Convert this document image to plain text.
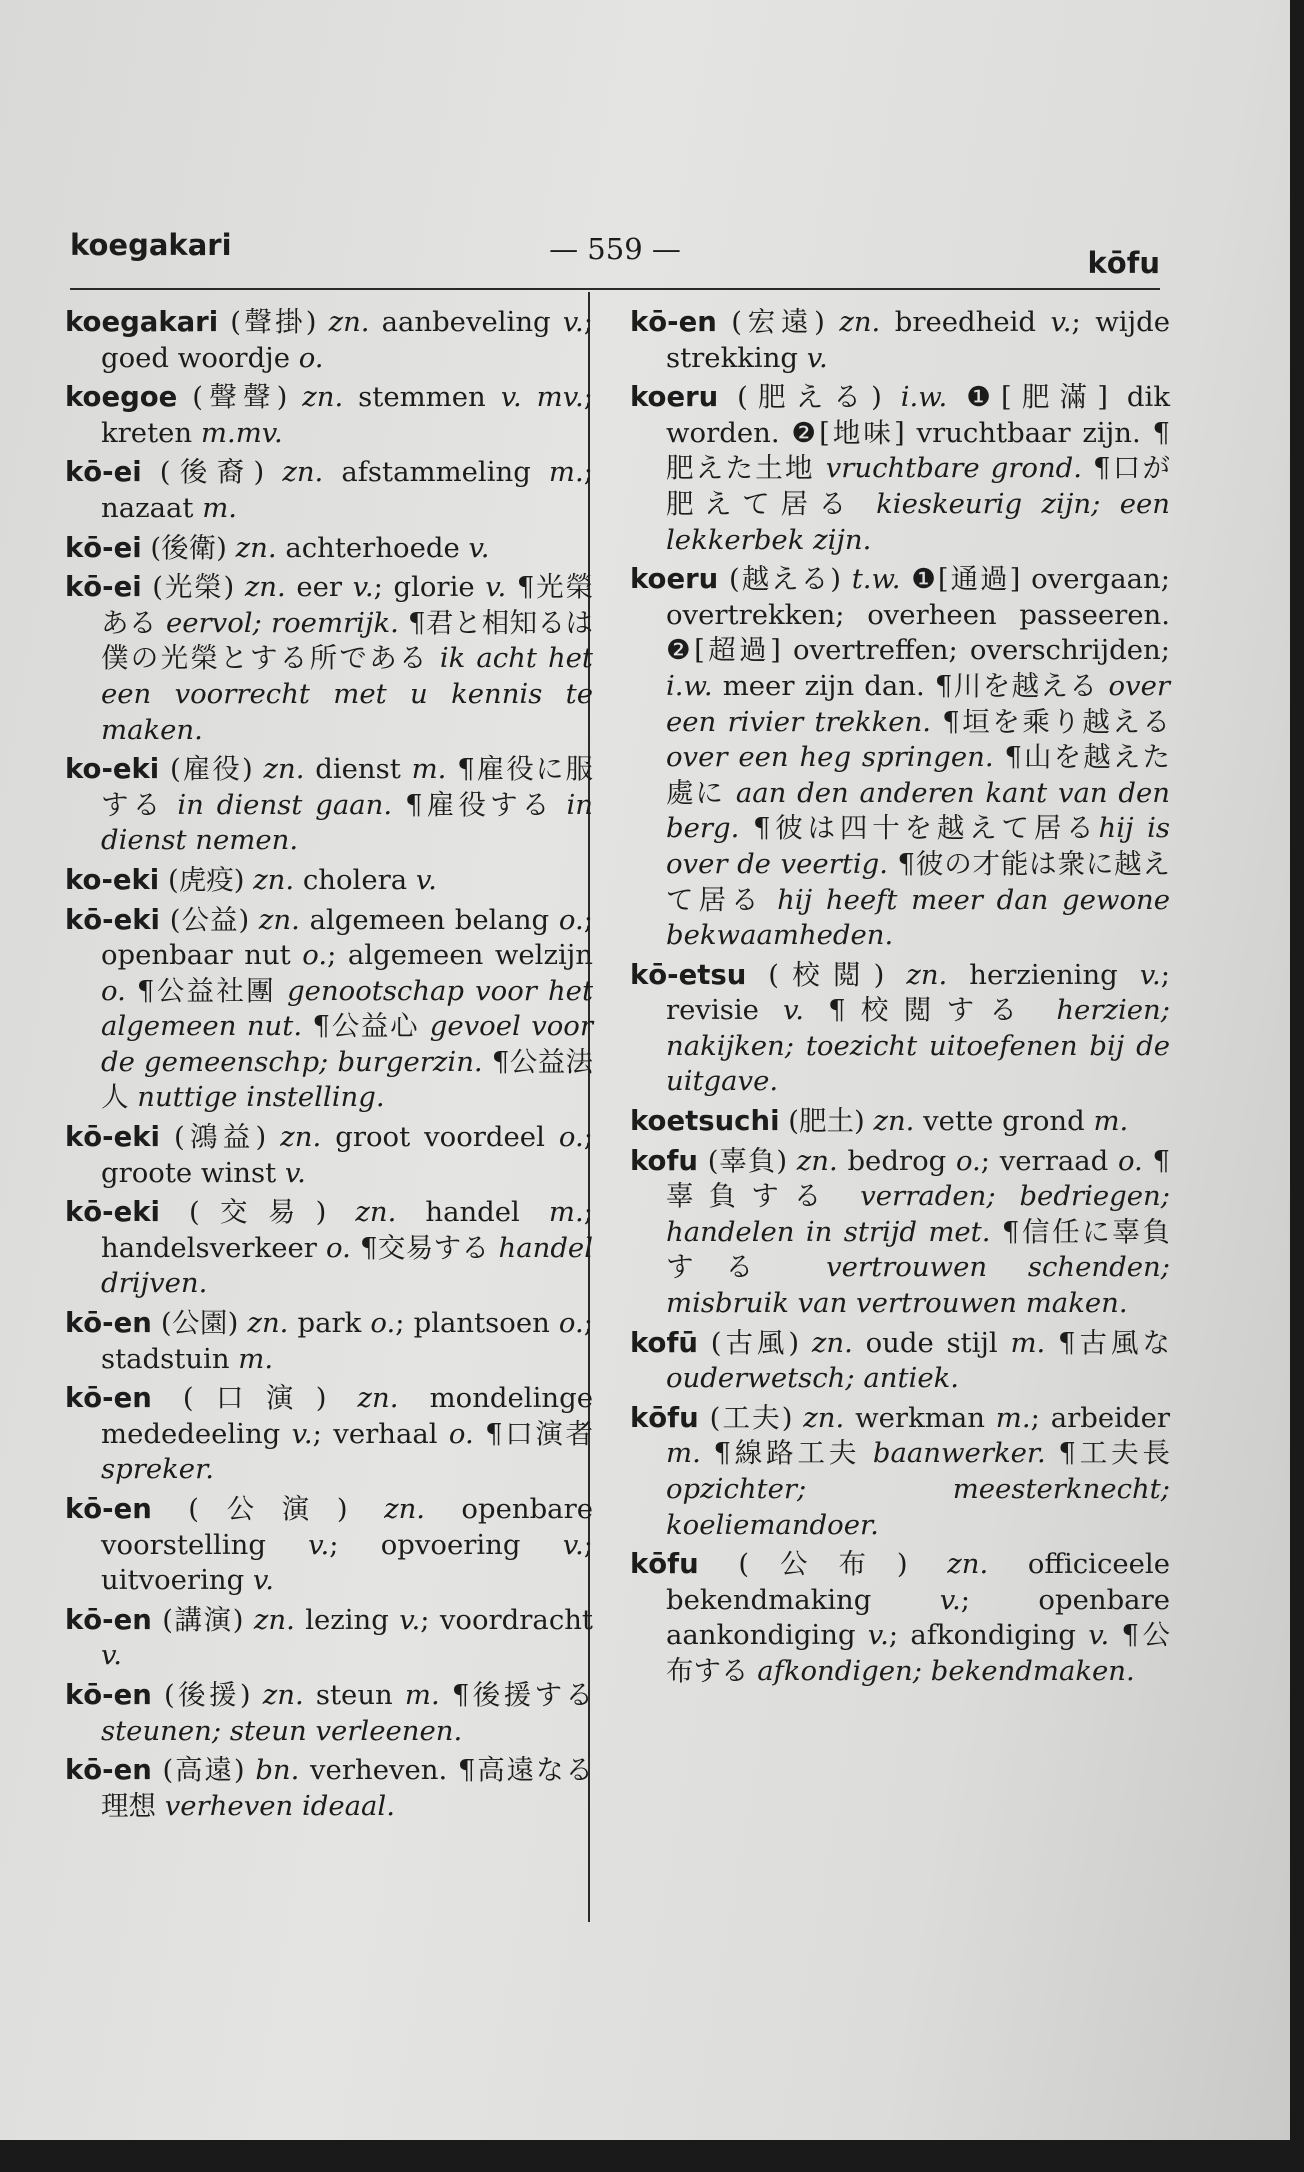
koegakari	— 559 —	kōfu
koegakari (聲掛) zn. aanbeveling v.; goed woordje o.
koegoe (聲聲) zn. stemmen v. mv.; kreten m.mv.
kō-ei (後裔) zn. afstammeling m.; nazaat m.
kō-ei (後衛) zn. achterhoede v.
kō-ei (光榮) zn. eer v.; glorie v. ¶光榮ある eervol; roemrijk. ¶君と相知るは僕の光榮とする所である ik acht het een voorrecht met u kennis te maken.
ko-eki (雇役) zn. dienst m. ¶雇役に服する in dienst gaan. ¶雇役する in dienst nemen.
ko-eki (虎疫) zn. cholera v.
kō-eki (公益) zn. algemeen belang o.; openbaar nut o.; algemeen welzijn o. ¶公益社團 genootschap voor het algemeen nut. ¶公益心 gevoel voor de gemeenschp; burgerzin. ¶公益法人 nuttige instelling.
kō-eki (鴻益) zn. groot voordeel o.; groote winst v.
kō-eki (交易) zn. handel m.; handelsverkeer o. ¶交易する handel drijven.
kō-en (公園) zn. park o.; plantsoen o.; stadstuin m.
kō-en (口演) zn. mondelinge mededeeling v.; verhaal o. ¶口演者 spreker.
kō-en (公演) zn. openbare voorstelling v.; opvoering v.; uitvoering v.
kō-en (講演) zn. lezing v.; voordracht v.
kō-en (後援) zn. steun m. ¶後援する steunen; steun verleenen.
kō-en (高遠) bn. verheven. ¶高遠なる理想 verheven ideaal.
kō-en (宏遠) zn. breedheid v.; wijde strekking v.
koeru (肥える) i.w. ❶[肥滿] dik worden. ❷[地味] vruchtbaar zijn. ¶肥えた土地 vruchtbare grond. ¶口が肥えて居る kieskeurig zijn; een lekkerbek zijn.
koeru (越える) t.w. ❶[通過] overgaan; overtrekken; overheen passeeren. ❷[超過] overtreffen; overschrijden; i.w. meer zijn dan. ¶川を越える over een rivier trekken. ¶垣を乘り越える over een heg springen. ¶山を越えた處に aan den anderen kant van den berg. ¶彼は四十を越えて居るhij is over de veertig. ¶彼の才能は衆に越えて居る hij heeft meer dan gewone bekwaamheden.
kō-etsu (校閲) zn. herziening v.; revisie v. ¶校閲する herzien; nakijken; toezicht uitoefenen bij de uitgave.
koetsuchi (肥土) zn. vette grond m.
kofu (辜負) zn. bedrog o.; verraad o. ¶辜負する verraden; bedriegen; handelen in strijd met. ¶信任に辜負する vertrouwen schenden; misbruik van vertrouwen maken.
kofū (古風) zn. oude stijl m. ¶古風な ouderwetsch; antiek.
kōfu (工夫) zn. werkman m.; arbeider m. ¶線路工夫 baanwerker. ¶工夫長 opzichter; meesterknecht; koeliemandoer.
kōfu (公布) zn. officiceele bekendmaking v.; openbare aankondiging v.; afkondiging v. ¶公布する afkondigen; bekendmaken.
